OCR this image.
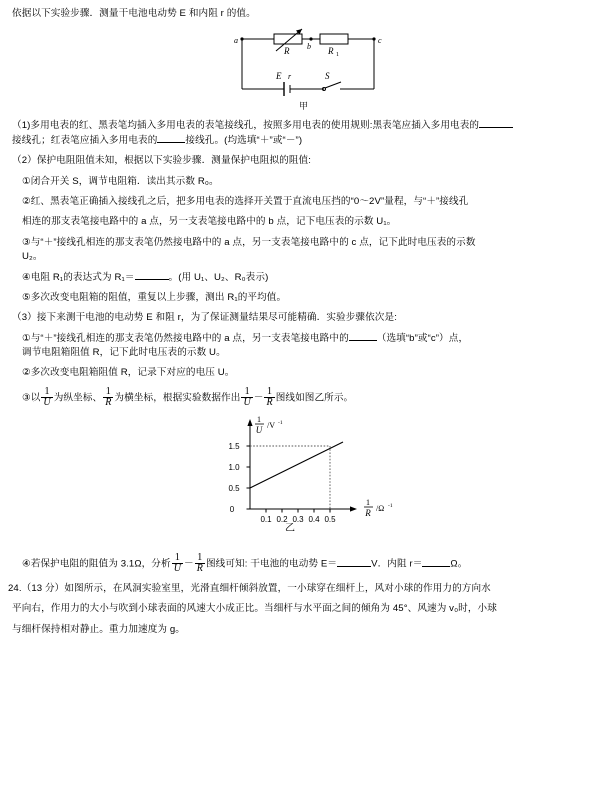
依据以下实验步骤．测量干电池电动势 E 和内阻 r 的值。
a
b
c
R	R 1
E r	S
甲
（1)多用电表的红、黑表笔均插入多用电表的表笔接线孔，按照多用电表的使用规则:黑表笔应插入多用电表的
接线孔；红表笔应插入多用电表的	接线孔。(均选填“＋”或“－”)
（2）保护电阻阻值未知，根据以下实验步骤．测量保护电阻拟的阻值:
①闭合开关 S，调节电阻箱．读出其示数 R₀。
②红、黑表笔正确插入接线孔之后，把多用电表的选择开关置于直流电压挡的“0～2V”量程，与“＋”接线孔
相连的那支表笔接电路中的 a 点，另一支表笔接电路中的 b 点，记下电压表的示数 U₁。
③与“＋”接线孔相连的那支表笔仍然接电路中的 a 点，另一支表笔接电路中的 c 点，记下此时电压表的示数
U₂。
④电阻 R₁的表达式为 R₁＝	。(用 U₁、U₂、R₀表示)
⑤多次改变电阻箱的阻值，重复以上步骤，测出 R₁的平均值。
（3）接下来测干电池的电动势 E 和阻 r，为了保证测量结果尽可能精确．实验步骤依次是:
①与“＋”接线孔相连的那支表笔仍然接电路中的 a 点，另一支表笔接电路中的	（选填“b”或“c”）点，
调节电阻箱阻值 R，记下此时电压表的示数 U。
②多次改变电阻箱阻值 R，记录下对应的电压 U。
③以 $\frac{1}{U}$ 为纵坐标、 $\frac{1}{R}$ 为横坐标，根据实验数据作出 $\frac{1}{U} - \frac{1}{R}$ 图线如图乙所示。
0
0.5
1.0
1.5
0.1 0.2 0.3 0.4 0.5
1
U /V -1
1
R /Ω -1
乙
④若保护电阻的阻值为 3.1Ω，分析 $\frac{1}{U} - \frac{1}{R}$ 图线可知: 干电池的电动势 E＝	V．内阻 r＝	Ω。
24.（13 分）如图所示，在风洞实验室里，光滑直细杆倾斜放置，一小球穿在细杆上，风对小球的作用力的方向水
平向右，作用力的大小与吹到小球表面的风速大小成正比。当细杆与水平面之间的倾角为 45°、风速为 v₀时，小球
与细杆保持相对静止。重力加速度为 g。
